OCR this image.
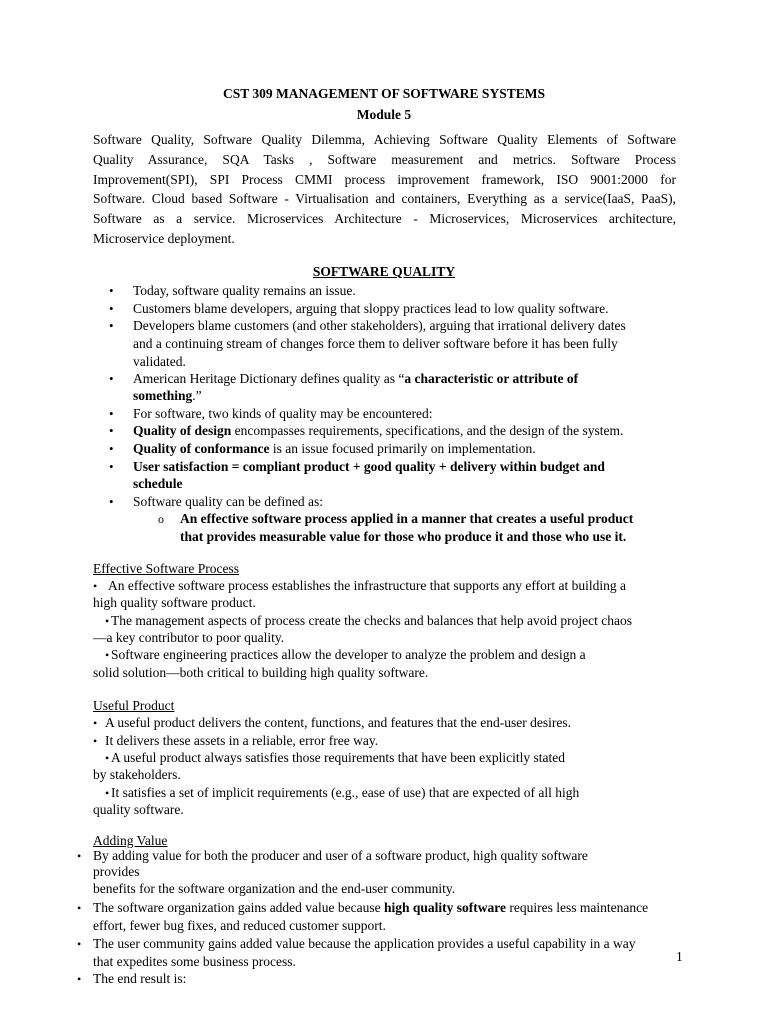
CST 309 MANAGEMENT OF SOFTWARE SYSTEMS

Module 5

Software Quality, Software Quality Dilemma, Achieving Software Quality Elements of Software

Quality Assurance, SQA Tasks , Software measurement and metrics. Software Process

Improvement(SPI), SPI Process CMMI process improvement framework, ISO 9001:2000 for

Software. Cloud based Software - Virtualisation and containers, Everything as a service(IaaS, PaaS),

Software as a service. Microservices Architecture - Microservices, Microservices architecture,

Microservice deployment.

SOFTWARE QUALITY

• Today, software quality remains an issue.

• Customers blame developers, arguing that sloppy practices lead to low quality software.

• Developers blame customers (and other stakeholders), arguing that irrational delivery dates

and a continuing stream of changes force them to deliver software before it has been fully

validated.

• American Heritage Dictionary defines quality as “a characteristic or attribute of

something.”

• For software, two kinds of quality may be encountered:

• Quality of design encompasses requirements, specifications, and the design of the system.

• Quality of conformance is an issue focused primarily on implementation.

• User satisfaction = compliant product + good quality + delivery within budget and

schedule

• Software quality can be defined as:

o An effective software process applied in a manner that creates a useful product

that provides measurable value for those who produce it and those who use it.

Effective Software Process

• An effective software process establishes the infrastructure that supports any effort at building a

high quality software product.

• The management aspects of process create the checks and balances that help avoid project chaos

—a key contributor to poor quality.

• Software engineering practices allow the developer to analyze the problem and design a

solid solution—both critical to building high quality software.

Useful Product

• A useful product delivers the content, functions, and features that the end-user desires.

• It delivers these assets in a reliable, error free way.

• A useful product always satisfies those requirements that have been explicitly stated

by stakeholders.

• It satisfies a set of implicit requirements (e.g., ease of use) that are expected of all high

quality software.

Adding Value

• By adding value for both the producer and user of a software product, high quality software

provides

benefits for the software organization and the end-user community.

• The software organization gains added value because high quality software requires less maintenance

effort, fewer bug fixes, and reduced customer support.

• The user community gains added value because the application provides a useful capability in a way

that expedites some business process.

• The end result is:

1
